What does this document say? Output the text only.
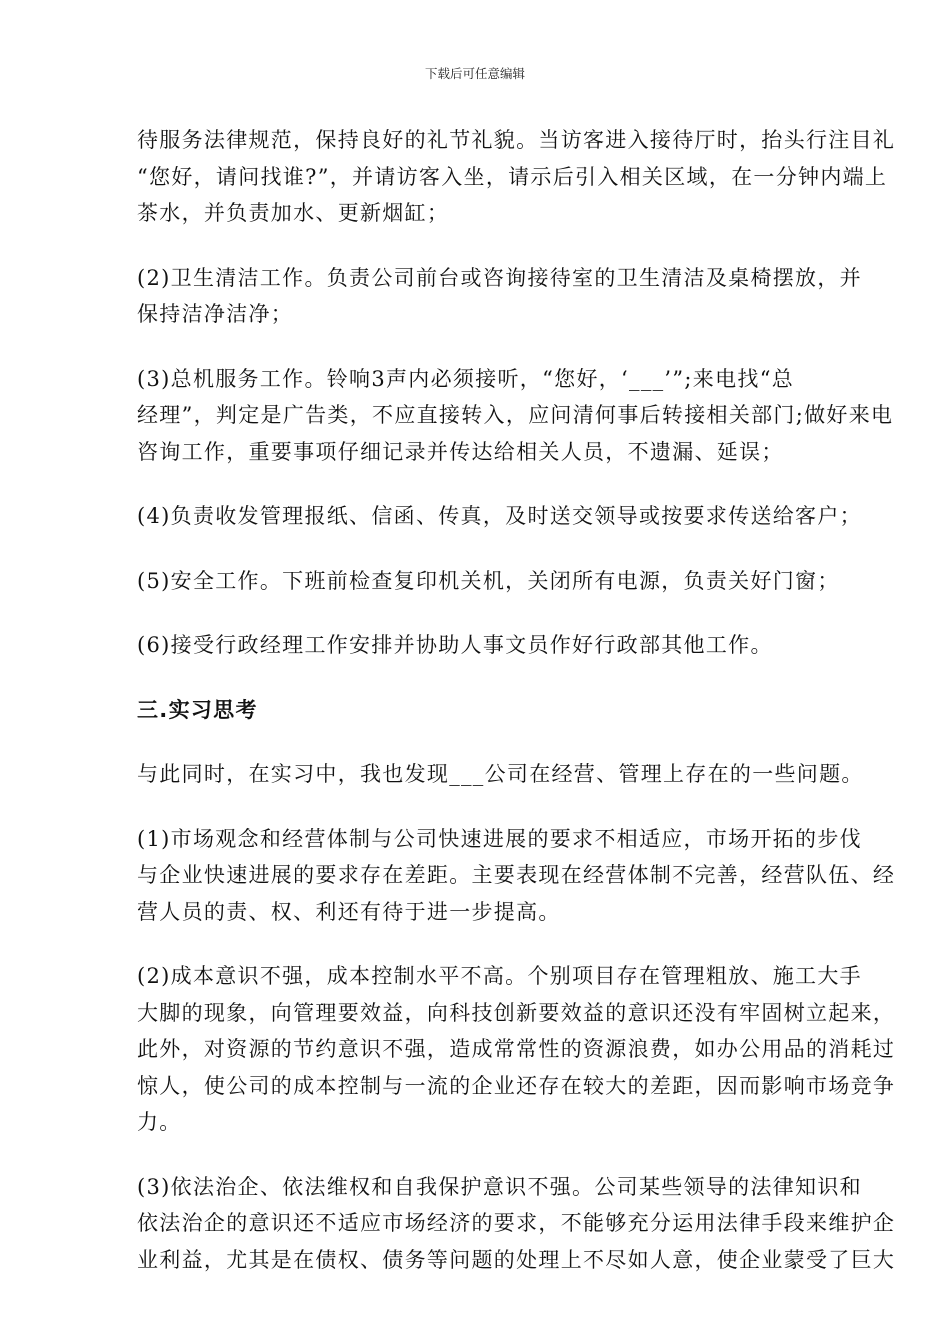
下载后可任意编辑
待服务法律规范，保持良好的礼节礼貌。当访客进入接待厅时，抬头行注目礼
“您好，请问找谁?”，并请访客入坐，请示后引入相关区域，在一分钟内端上
茶水，并负责加水、更新烟缸；
(2)卫生清洁工作。负责公司前台或咨询接待室的卫生清洁及桌椅摆放，并
保持洁净洁净；
(3)总机服务工作。铃响3声内必须接听，“您好，‘___’”;来电找“总
经理”，判定是广告类，不应直接转入，应问清何事后转接相关部门;做好来电
咨询工作，重要事项仔细记录并传达给相关人员，不遗漏、延误；
(4)负责收发管理报纸、信函、传真，及时送交领导或按要求传送给客户；
(5)安全工作。下班前检查复印机关机，关闭所有电源，负责关好门窗；
(6)接受行政经理工作安排并协助人事文员作好行政部其他工作。
三.实习思考
与此同时，在实习中，我也发现___公司在经营、管理上存在的一些问题。
(1)市场观念和经营体制与公司快速进展的要求不相适应，市场开拓的步伐
与企业快速进展的要求存在差距。主要表现在经营体制不完善，经营队伍、经
营人员的责、权、利还有待于进一步提高。
(2)成本意识不强，成本控制水平不高。个别项目存在管理粗放、施工大手
大脚的现象，向管理要效益，向科技创新要效益的意识还没有牢固树立起来，
此外，对资源的节约意识不强，造成常常性的资源浪费，如办公用品的消耗过
惊人，使公司的成本控制与一流的企业还存在较大的差距，因而影响市场竞争
力。
(3)依法治企、依法维权和自我保护意识不强。公司某些领导的法律知识和
依法治企的意识还不适应市场经济的要求，不能够充分运用法律手段来维护企
业利益，尤其是在债权、债务等问题的处理上不尽如人意，使企业蒙受了巨大
